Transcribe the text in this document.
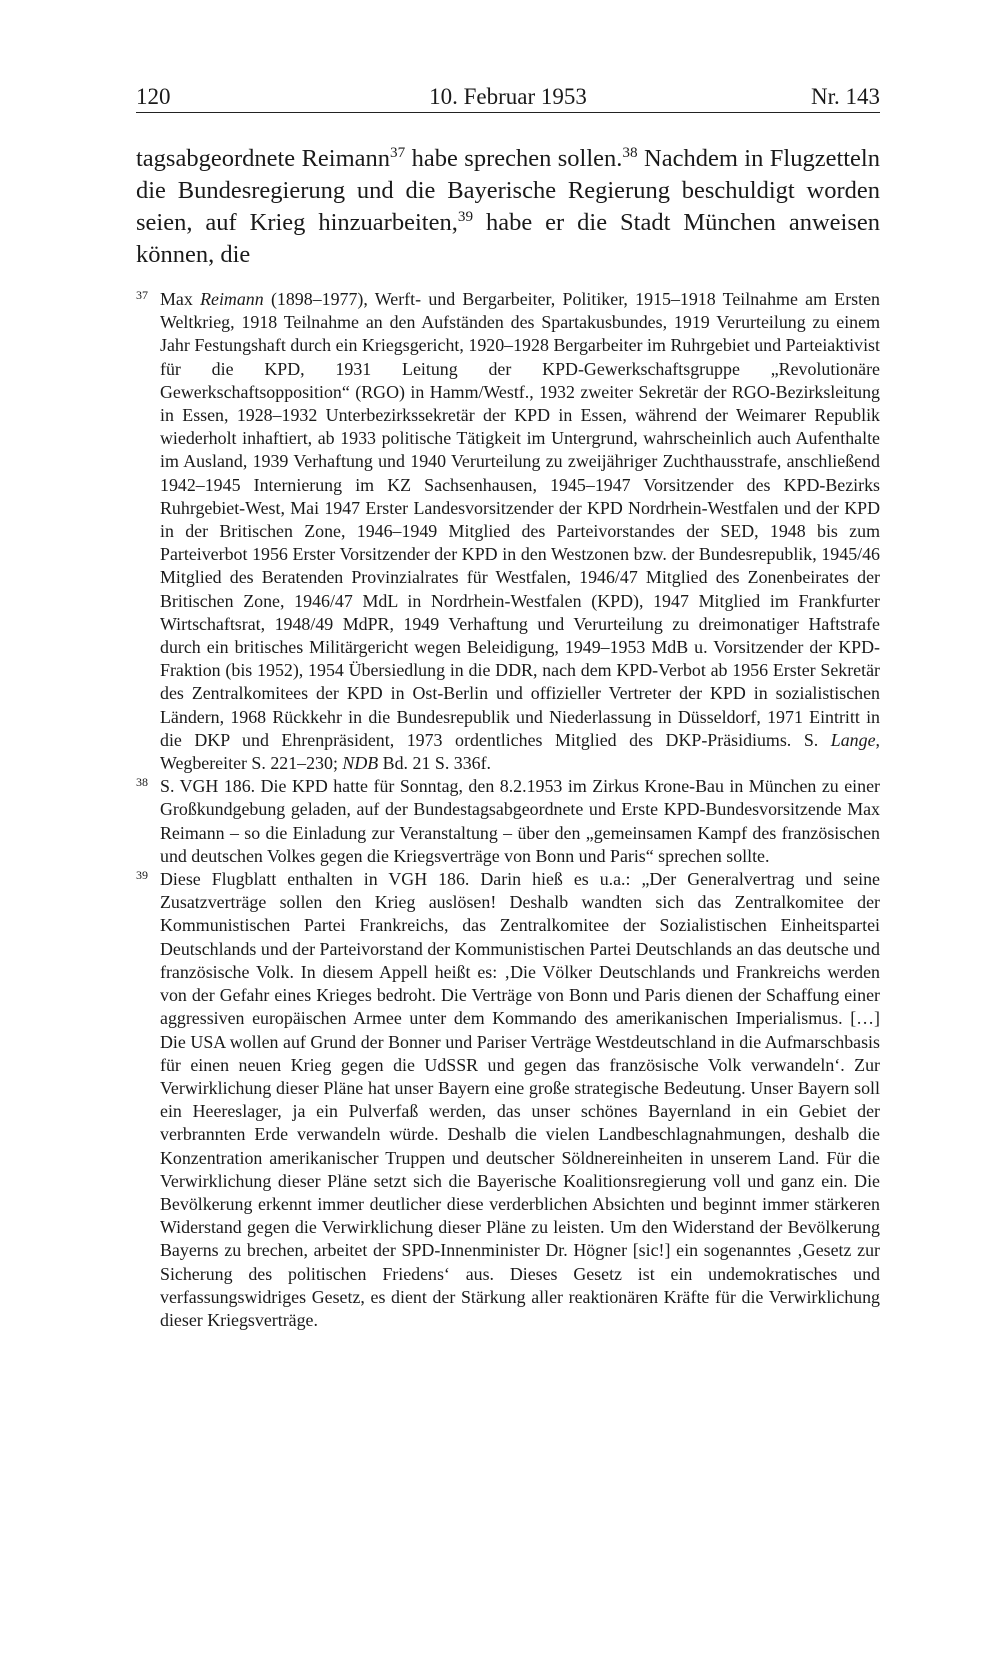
120	10. Februar 1953	Nr. 143
tagsabgeordnete Reimann$^{37}$ habe sprechen sollen.$^{38}$ Nachdem in Flugzetteln die Bundesregierung und die Bayerische Regierung beschuldigt worden seien, auf Krieg hinzuarbeiten,$^{39}$ habe er die Stadt München anweisen können, die
37 Max Reimann (1898–1977), Werft- und Bergarbeiter, Politiker, 1915–1918 Teilnahme am Ersten Weltkrieg, 1918 Teilnahme an den Aufständen des Spartakusbundes, 1919 Verurteilung zu einem Jahr Festungshaft durch ein Kriegsgericht, 1920–1928 Bergarbeiter im Ruhrgebiet und Parteiaktivist für die KPD, 1931 Leitung der KPD-Gewerkschaftsgruppe „Revolutionäre Gewerkschaftsopposition“ (RGO) in Hamm/Westf., 1932 zweiter Sekretär der RGO-Bezirksleitung in Essen, 1928–1932 Unterbezirkssekretär der KPD in Essen, während der Weimarer Republik wiederholt inhaftiert, ab 1933 politische Tätigkeit im Untergrund, wahrscheinlich auch Aufenthalte im Ausland, 1939 Verhaftung und 1940 Verurteilung zu zweijähriger Zuchthausstrafe, anschließend 1942–1945 Internierung im KZ Sachsenhausen, 1945–1947 Vorsitzender des KPD-Bezirks Ruhrgebiet-West, Mai 1947 Erster Landesvorsitzender der KPD Nordrhein-Westfalen und der KPD in der Britischen Zone, 1946–1949 Mitglied des Parteivorstandes der SED, 1948 bis zum Parteiverbot 1956 Erster Vorsitzender der KPD in den Westzonen bzw. der Bundesrepublik, 1945/46 Mitglied des Beratenden Provinzialrates für Westfalen, 1946/47 Mitglied des Zonenbeirates der Britischen Zone, 1946/47 MdL in Nordrhein-Westfalen (KPD), 1947 Mitglied im Frankfurter Wirtschaftsrat, 1948/49 MdPR, 1949 Verhaftung und Verurteilung zu dreimonatiger Haftstrafe durch ein britisches Militärgericht wegen Beleidigung, 1949–1953 MdB u. Vorsitzender der KPD-Fraktion (bis 1952), 1954 Übersiedlung in die DDR, nach dem KPD-Verbot ab 1956 Erster Sekretär des Zentralkomitees der KPD in Ost-Berlin und offizieller Vertreter der KPD in sozialistischen Ländern, 1968 Rückkehr in die Bundesrepublik und Niederlassung in Düsseldorf, 1971 Eintritt in die DKP und Ehrenpräsident, 1973 ordentliches Mitglied des DKP-Präsidiums. S. Lange, Wegbereiter S. 221–230; NDB Bd. 21 S. 336f.
38 S. VGH 186. Die KPD hatte für Sonntag, den 8.2.1953 im Zirkus Krone-Bau in München zu einer Großkundgebung geladen, auf der Bundestagsabgeordnete und Erste KPD-Bundesvorsitzende Max Reimann – so die Einladung zur Veranstaltung – über den „gemeinsamen Kampf des französischen und deutschen Volkes gegen die Kriegsverträge von Bonn und Paris“ sprechen sollte.
39 Diese Flugblatt enthalten in VGH 186. Darin hieß es u.a.: „Der Generalvertrag und seine Zusatzverträge sollen den Krieg auslösen! Deshalb wandten sich das Zentralkomitee der Kommunistischen Partei Frankreichs, das Zentralkomitee der Sozialistischen Einheitspartei Deutschlands und der Parteivorstand der Kommunistischen Partei Deutschlands an das deutsche und französische Volk. In diesem Appell heißt es: ‚Die Völker Deutschlands und Frankreichs werden von der Gefahr eines Krieges bedroht. Die Verträge von Bonn und Paris dienen der Schaffung einer aggressiven europäischen Armee unter dem Kommando des amerikanischen Imperialismus. […] Die USA wollen auf Grund der Bonner und Pariser Verträge Westdeutschland in die Aufmarschbasis für einen neuen Krieg gegen die UdSSR und gegen das französische Volk verwandeln‘. Zur Verwirklichung dieser Pläne hat unser Bayern eine große strategische Bedeutung. Unser Bayern soll ein Heereslager, ja ein Pulverfaß werden, das unser schönes Bayernland in ein Gebiet der verbrannten Erde verwandeln würde. Deshalb die vielen Landbeschlagnahmungen, deshalb die Konzentration amerikanischer Truppen und deutscher Söldnereinheiten in unserem Land. Für die Verwirklichung dieser Pläne setzt sich die Bayerische Koalitionsregierung voll und ganz ein. Die Bevölkerung erkennt immer deutlicher diese verderblichen Absichten und beginnt immer stärkeren Widerstand gegen die Verwirklichung dieser Pläne zu leisten. Um den Widerstand der Bevölkerung Bayerns zu brechen, arbeitet der SPD-Innenminister Dr. Högner [sic!] ein sogenanntes ‚Gesetz zur Sicherung des politischen Friedens‘ aus. Dieses Gesetz ist ein undemokratisches und verfassungswidriges Gesetz, es dient der Stärkung aller reaktionären Kräfte für die Verwirklichung dieser Kriegsverträge.
